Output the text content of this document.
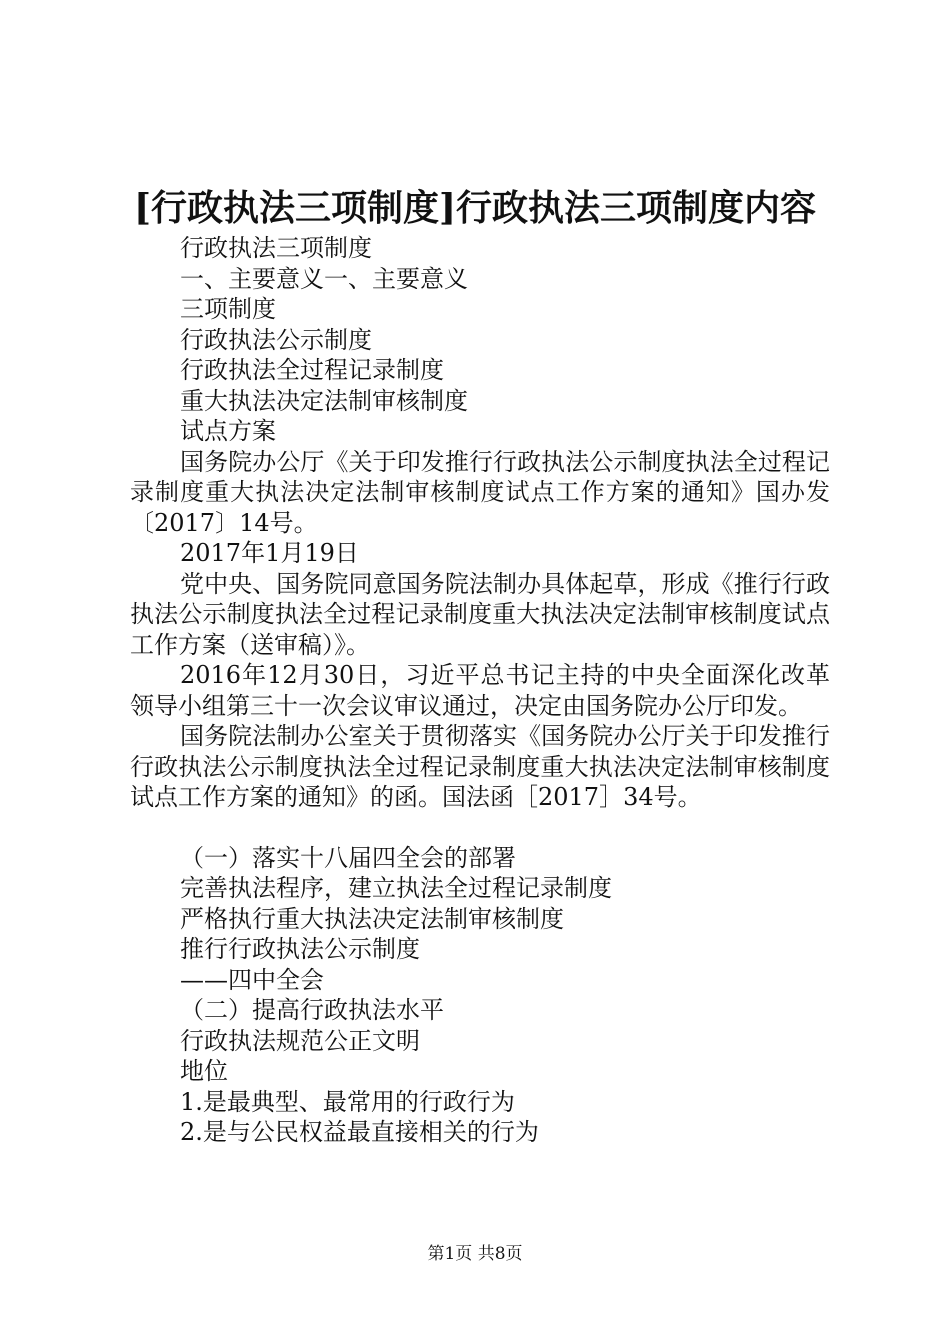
[行政执法三项制度]行政执法三项制度内容
行政执法三项制度
一、主要意义一、主要意义
三项制度
行政执法公示制度
行政执法全过程记录制度
重大执法决定法制审核制度
试点方案
国务院办公厅《关于印发推行行政执法公示制度执法全过程记录制度重大执法决定法制审核制度试点工作方案的通知》国办发〔2017〕14号。
2017年1月19日
党中央、国务院同意国务院法制办具体起草，形成《推行行政执法公示制度执法全过程记录制度重大执法决定法制审核制度试点工作方案（送审稿）》。
2016年12月30日，习近平总书记主持的中央全面深化改革领导小组第三十一次会议审议通过，决定由国务院办公厅印发。
国务院法制办公室关于贯彻落实《国务院办公厅关于印发推行行政执法公示制度执法全过程记录制度重大执法决定法制审核制度试点工作方案的通知》的函。国法函［2017］34号。
（一）落实十八届四全会的部署
完善执法程序，建立执法全过程记录制度
严格执行重大执法决定法制审核制度
推行行政执法公示制度
——四中全会
（二）提高行政执法水平
行政执法规范公正文明
地位
1.是最典型、最常用的行政行为
2.是与公民权益最直接相关的行为
第1页 共8页
